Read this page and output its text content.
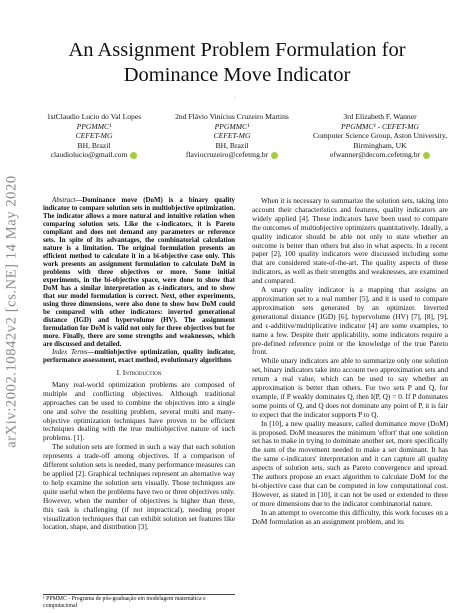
An Assignment Problem Formulation for
Dominance Move Indicator
·
1stClaudio Lucio do Val Lopes
PPGMMC¹
CEFET-MG
BH, Brazil
claudiolucio@gmail.com
2nd Flávio Vinícius Cruzeiro Martins
PPGMMC¹
CEFET-MG
BH, Brazil
flaviocruzeiro@cefetmg.br
3rd Elizabeth F. Wanner
PPGMMC¹ - CEFET-MG
Computer Science Group, Aston University,
Birmingham, UK
efwanner@decom.cefetmg.br
arXiv:2002.10842v2 [cs.NE] 14 May 2020	Abstract—Dominance move (DoM) is a binary quality indicator to compare solution sets in multiobjective optimization. The indicator allows a more natural and intuitive relation when comparing solution sets. Like the ϵ-indicators, it is Pareto compliant and does not demand any parameters or reference sets. In spite of its advantages, the combinatorial calculation nature is a limitation. The original formulation presents an efficient method to calculate it in a bi-objective case only. This work presents an assignment formulation to calculate DoM in problems with three objectives or more. Some initial experiments, in the bi-objective space, were done to show that DoM has a similar interpretation as ϵ-indicators, and to show that our model formulation is correct. Next, other experiments, using three dimensions, were also done to show how DoM could be compared with other indicators: inverted generational distance (IGD) and hypervolume (HV). The assignment formulation for DoM is valid not only for three objectives but for more. Finally, there are some strengths and weaknesses, which are discussed and detailed.

Index Terms—multiobjective optimization, quality indicator, performance assessment, exact method, evolutionary algorithms

I. Introduction

Many real-world optimization problems are composed of multiple and conflicting objectives. Although traditional approaches can be used to combine the objectives into a single one and solve the resulting problem, several multi and many-objective optimization techniques have proven to be efficient techniques dealing with the true multiobjective nature of such problems. [1].

The solution sets are formed in such a way that each solution represents a trade-off among objectives. If a comparison of different solution sets is needed, many performance measures can be applied [2]. Graphical techniques represent an alternative way to help examine the solution sets visually. Those techniques are quite useful when the problems have two or three objectives only. However, when the number of objectives is higher than three, this task is challenging (if not impractical), needing proper visualization techniques that can exhibit solution set features like location, shape, and distribution [3].

¹ PPMMC - Programa de pós-graduação em modelagem matemática e computacional

When it is necessary to summarize the solution sets, taking into account their characteristics and features, quality indicators are widely applied [4]. These indicators have been used to compare the outcomes of multiobjective optimizers quantitatively. Ideally, a quality indicator should be able not only to state whether an outcome is better than others but also in what aspects. In a recent paper [2], 100 quality indicators were discussed including some that are considered state-of-the-art. The quality aspects of these indicators, as well as their strengths and weaknesses, are examined and compared.

A unary quality indicator is a mapping that assigns an approximation set to a real number [5], and it is used to compare approximation sets generated by an optimizer. Inverted generational distance (IGD) [6], hypervolume (HV) [7], [8], [9], and ϵ-additive/multiplicative indicator [4] are some examples, to name a few. Despite their applicability, some indicators require a pre-defined reference point or the knowledge of the true Pareto front.

While unary indicators are able to summarize only one solution set, binary indicators take into account two approximation sets and return a real value, which can be used to say whether an approximation is better than others. For two sets P and Q, for example, if P weakly dominates Q, then I(P, Q) = 0. If P dominates some points of Q, and Q does not dominate any point of P, it is fair to expect that the indicator supports P to Q.

In [10], a new quality measure, called dominance move (DoM) is proposed. DoM measures the minimum 'effort' that one solution set has to make in trying to dominate another set, more specifically the sum of the movement needed to make a set dominant. It has the same ϵ-indicators' interpretation and it can capture all quality aspects of solution sets, such as Pareto convergence and spread. The authors propose an exact algorithm to calculate DoM for the bi-objective case that can be computed in low computational cost. However, as stated in [10], it can not be used or extended to three or more dimensions due to the indicator combinatorial nature.

In an attempt to overcome this difficulty, this work focuses on a DoM formulation as an assignment problem, and its
